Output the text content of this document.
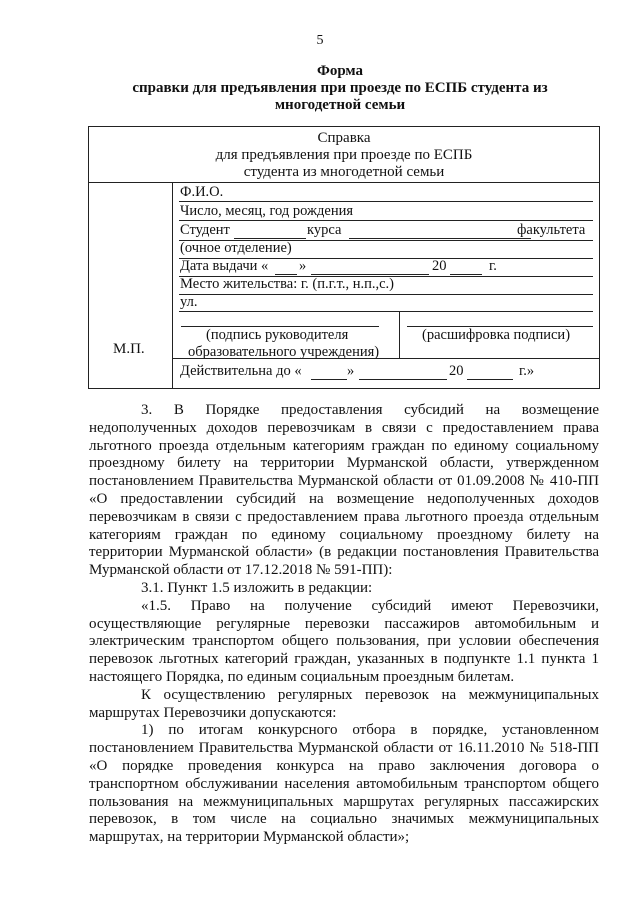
5
Форма
справки для предъявления при проезде по ЕСПБ студента из
многодетной семьи
Справка
для предъявления при проезде по ЕСПБ
студента из многодетной семьи
М.П.
Ф.И.О.
Число, месяц, год рождения
Студент	курса	факультета
(очное отделение)
Дата выдачи « »	20	г.
Место жительства: г. (п.г.т., н.п.,с.)
ул.
(подпись руководителя
образовательного учреждения)
(расшифровка подписи)
Действительна до «	»	20	г.»

3. В Порядке предоставления субсидий на возмещение недополученных доходов перевозчикам в связи с предоставлением права льготного проезда отдельным категориям граждан по единому социальному проездному билету на территории Мурманской области, утвержденном постановлением Правительства Мурманской области от 01.09.2008 № 410-ПП «О предоставлении субсидий на возмещение недополученных доходов перевозчикам в связи с предоставлением права льготного проезда отдельным категориям граждан по единому социальному проездному билету на территории Мурманской области» (в редакции постановления Правительства Мурманской области от 17.12.2018 № 591-ПП):

3.1. Пункт 1.5 изложить в редакции:

«1.5. Право на получение субсидий имеют Перевозчики, осуществляющие регулярные перевозки пассажиров автомобильным и электрическим транспортом общего пользования, при условии обеспечения перевозок льготных категорий граждан, указанных в подпункте 1.1 пункта 1 настоящего Порядка, по единым социальным проездным билетам.

К осуществлению регулярных перевозок на межмуниципальных маршрутах Перевозчики допускаются:

1) по итогам конкурсного отбора в порядке, установленном постановлением Правительства Мурманской области от 16.11.2010 № 518-ПП «О порядке проведения конкурса на право заключения договора о транспортном обслуживании населения автомобильным транспортом общего пользования на межмуниципальных маршрутах регулярных пассажирских перевозок, в том числе на социально значимых межмуниципальных маршрутах, на территории Мурманской области»;
